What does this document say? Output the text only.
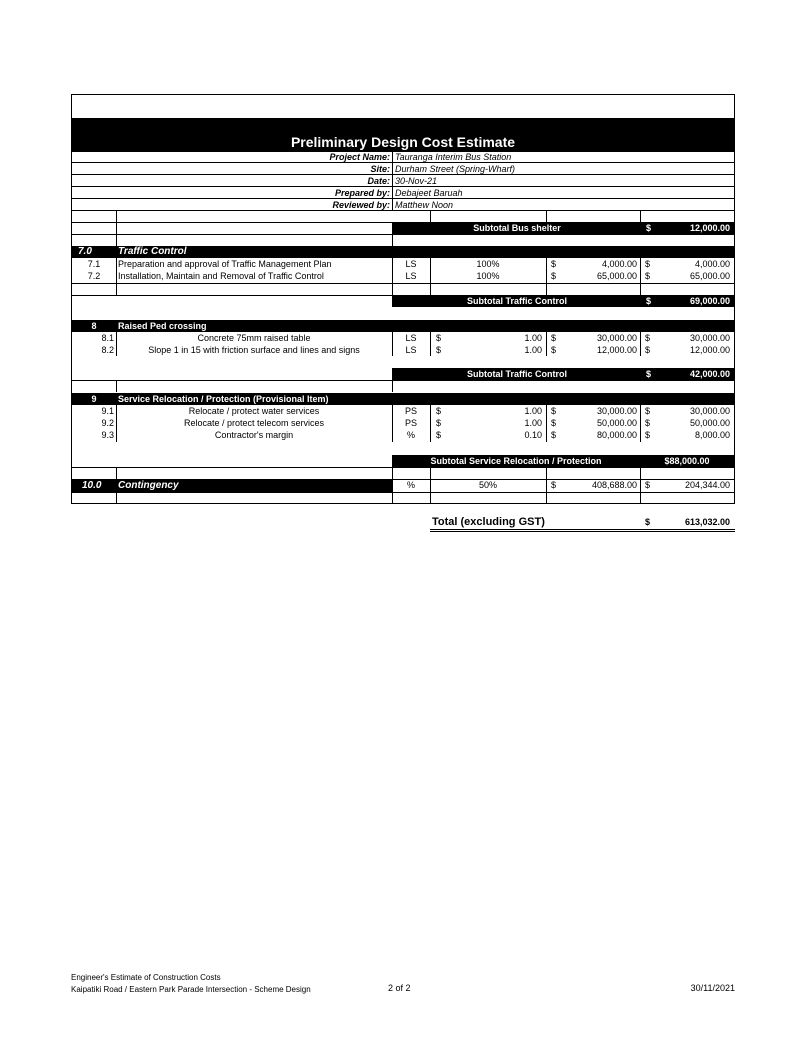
Preliminary Design Cost Estimate
Project Name: Tauranga Interim Bus Station
Site: Durham Street (Spring-Wharf)
Date: 30-Nov-21
Prepared by: Debajeet Baruah
Reviewed by: Matthew Noon
Subtotal Bus shelter	$	12,000.00
7.0	Traffic Control
7.1	Preparation and approval of Traffic Management Plan	LS	100%	$	4,000.00 $	4,000.00
7.2	Installation, Maintain and Removal of Traffic Control	LS	100%	$	65,000.00 $	65,000.00
Subtotal Traffic Control	$	69,000.00
8	Raised Ped crossing
8.1	Concrete 75mm raised table	LS	$	1.00 $	30,000.00 $	30,000.00
8.2	Slope 1 in 15 with friction surface and lines and signs	LS	$	1.00 $	12,000.00 $	12,000.00
Subtotal Traffic Control	$	42,000.00
9	Service Relocation / Protection (Provisional Item)
9.1	Relocate / protect water services	PS	$	1.00 $	30,000.00 $	30,000.00
9.2	Relocate / protect telecom services	PS	$	1.00 $	50,000.00 $	50,000.00
9.3	Contractor's margin	%	$	0.10 $	80,000.00 $	8,000.00
Subtotal Service Relocation / Protection	$88,000.00
10.0 Contingency	%	50%	$	408,688.00 $	204,344.00
Total (excluding GST)	$	613,032.00
Engineer's Estimate of Construction Costs
Kaipatiki Road / Eastern Park Parade Intersection - Scheme Design	2 of 2	30/11/2021
